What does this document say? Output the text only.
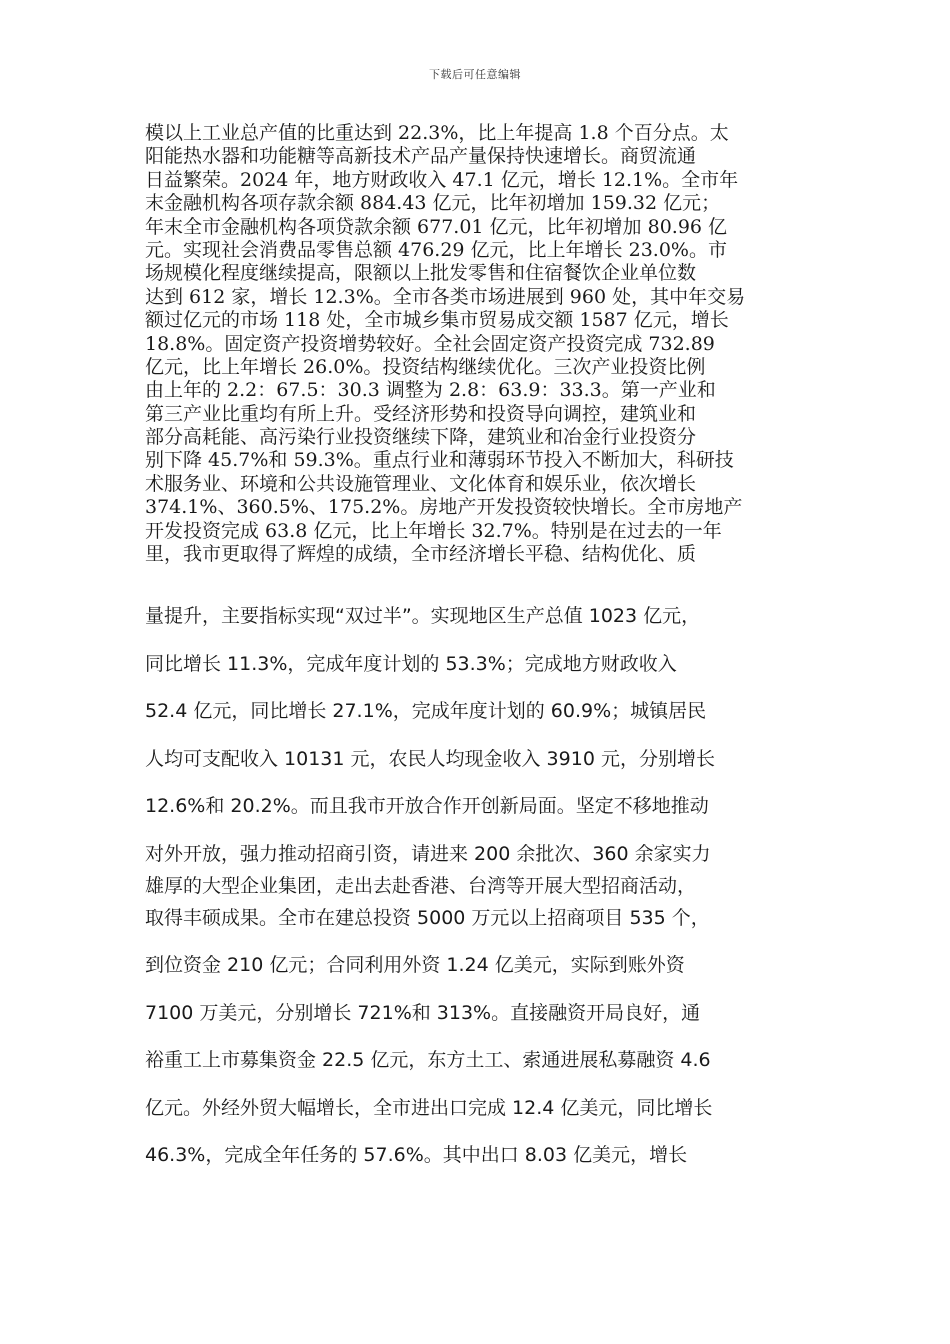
下载后可任意编辑
模以上工业总产值的比重达到 22.3%，比上年提高 1.8 个百分点。太
阳能热水器和功能糖等高新技术产品产量保持快速增长。商贸流通
日益繁荣。2024 年，地方财政收入 47.1 亿元，增长 12.1%。全市年
末金融机构各项存款余额 884.43 亿元，比年初增加 159.32 亿元；
年末全市金融机构各项贷款余额 677.01 亿元，比年初增加 80.96 亿
元。实现社会消费品零售总额 476.29 亿元，比上年增长 23.0%。市
场规模化程度继续提高，限额以上批发零售和住宿餐饮企业单位数
达到 612 家，增长 12.3%。全市各类市场进展到 960 处，其中年交易
额过亿元的市场 118 处，全市城乡集市贸易成交额 1587 亿元，增长
18.8%。固定资产投资增势较好。全社会固定资产投资完成 732.89
亿元，比上年增长 26.0%。投资结构继续优化。三次产业投资比例
由上年的 2.2：67.5：30.3 调整为 2.8：63.9：33.3。第一产业和
第三产业比重均有所上升。受经济形势和投资导向调控，建筑业和
部分高耗能、高污染行业投资继续下降，建筑业和冶金行业投资分
别下降 45.7%和 59.3%。重点行业和薄弱环节投入不断加大，科研技
术服务业、环境和公共设施管理业、文化体育和娱乐业，依次增长
374.1%、360.5%、175.2%。房地产开发投资较快增长。全市房地产
开发投资完成 63.8 亿元，比上年增长 32.7%。特别是在过去的一年
里，我市更取得了辉煌的成绩，全市经济增长平稳、结构优化、质
量提升，主要指标实现“双过半”。实现地区生产总值 1023 亿元，
同比增长 11.3%，完成年度计划的 53.3%；完成地方财政收入
52.4 亿元，同比增长 27.1%，完成年度计划的 60.9%；城镇居民
人均可支配收入 10131 元，农民人均现金收入 3910 元，分别增长
12.6%和 20.2%。而且我市开放合作开创新局面。坚定不移地推动
对外开放，强力推动招商引资，请进来 200 余批次、360 余家实力
雄厚的大型企业集团，走出去赴香港、台湾等开展大型招商活动，
取得丰硕成果。全市在建总投资 5000 万元以上招商项目 535 个，
到位资金 210 亿元；合同利用外资 1.24 亿美元，实际到账外资
7100 万美元，分别增长 721%和 313%。直接融资开局良好，通
裕重工上市募集资金 22.5 亿元，东方土工、索通进展私募融资 4.6
亿元。外经外贸大幅增长，全市进出口完成 12.4 亿美元，同比增长
46.3%，完成全年任务的 57.6%。其中出口 8.03 亿美元，增长
